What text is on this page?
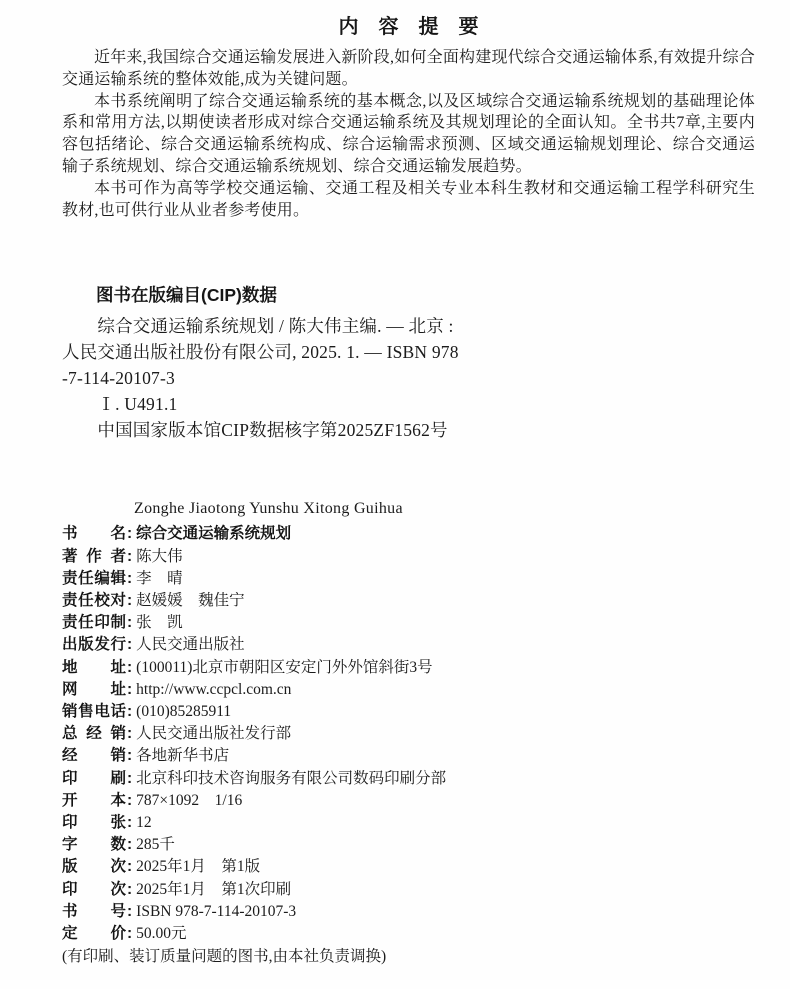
内　容　提　要

近年来,我国综合交通运输发展进入新阶段,如何全面构建现代综合交通运输体系,有效提升综合交通运输系统的整体效能,成为关键问题。

本书系统阐明了综合交通运输系统的基本概念,以及区域综合交通运输系统规划的基础理论体系和常用方法,以期使读者形成对综合交通运输系统及其规划理论的全面认知。全书共7章,主要内容包括绪论、综合交通运输系统构成、综合运输需求预测、区域交通运输规划理论、综合交通运输子系统规划、综合交通运输系统规划、综合交通运输发展趋势。

本书可作为高等学校交通运输、交通工程及相关专业本科生教材和交通运输工程学科研究生教材,也可供行业从业者参考使用。

图书在版编目(CIP)数据
　　综合交通运输系统规划 / 陈大伟主编. — 北京 :
人民交通出版社股份有限公司, 2025. 1. — ISBN 978
-7-114-20107-3
　　Ⅰ. U491.1
　　中国国家版本馆CIP数据核字第2025ZF1562号
Zonghe Jiaotong Yunshu Xitong Guihua
书名: 综合交通运输系统规划
著作者: 陈大伟
责任编辑: 李　晴
责任校对: 赵媛媛　魏佳宁
责任印制: 张　凯
出版发行: 人民交通出版社
地址: (100011)北京市朝阳区安定门外外馆斜街3号
网址: http://www.ccpcl.com.cn
销售电话: (010)85285911
总经销: 人民交通出版社发行部
经销: 各地新华书店
印刷: 北京科印技术咨询服务有限公司数码印刷分部
开本: 787×1092　1/16
印张: 12
字数: 285千
版次: 2025年1月　第1版
印次: 2025年1月　第1次印刷
书号: ISBN 978-7-114-20107-3
定价: 50.00元
(有印刷、装订质量问题的图书,由本社负责调换)
